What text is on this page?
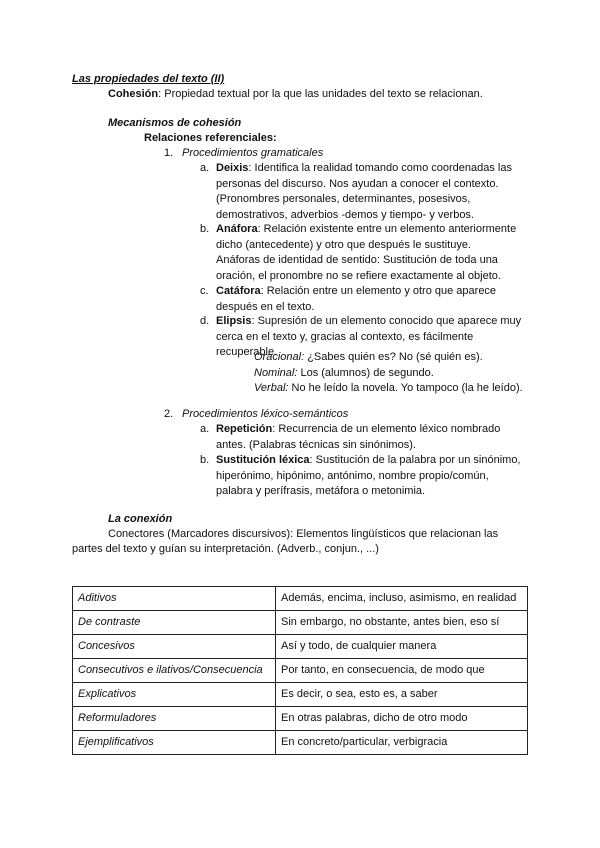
Las propiedades del texto (II)
Cohesión: Propiedad textual por la que las unidades del texto se relacionan.
Mecanismos de cohesión
Relaciones referenciales:
1. Procedimientos gramaticales
a. Deixis: Identifica la realidad tomando como coordenadas las
personas del discurso. Nos ayudan a conocer el contexto.
(Pronombres personales, determinantes, posesivos,
demostrativos, adverbios -demos y tiempo- y verbos.
b. Anáfora: Relación existente entre un elemento anteriormente
dicho (antecedente) y otro que después le sustituye.
Anáforas de identidad de sentido: Sustitución de toda una
oración, el pronombre no se refiere exactamente al objeto.
c. Catáfora: Relación entre un elemento y otro que aparece
después en el texto.
d. Elipsis: Supresión de un elemento conocido que aparece muy
cerca en el texto y, gracias al contexto, es fácilmente
recuperable.
Oracional: ¿Sabes quién es? No (sé quién es).
Nominal: Los (alumnos) de segundo.
Verbal: No he leído la novela. Yo tampoco (la he leído).
2. Procedimientos léxico-semánticos
a. Repetición: Recurrencia de un elemento léxico nombrado
antes. (Palabras técnicas sin sinónimos).
b. Sustitución léxica: Sustitución de la palabra por un sinónimo,
hiperónimo, hipónimo, antónimo, nombre propio/común,
palabra y perífrasis, metáfora o metonimia.
La conexión
Conectores (Marcadores discursivos): Elementos lingüísticos que relacionan las
partes del texto y guían su interpretación. (Adverb., conjun., ...)
Aditivos	Además, encima, incluso, asimismo, en realidad
De contraste	Sin embargo, no obstante, antes bien, eso sí
Concesivos	Así y todo, de cualquier manera
Consecutivos e ilativos/Consecuencia	Por tanto, en consecuencia, de modo que
Explicativos	Es decir, o sea, esto es, a saber
Reformuladores	En otras palabras, dicho de otro modo
Ejemplificativos	En concreto/particular, verbigracia
